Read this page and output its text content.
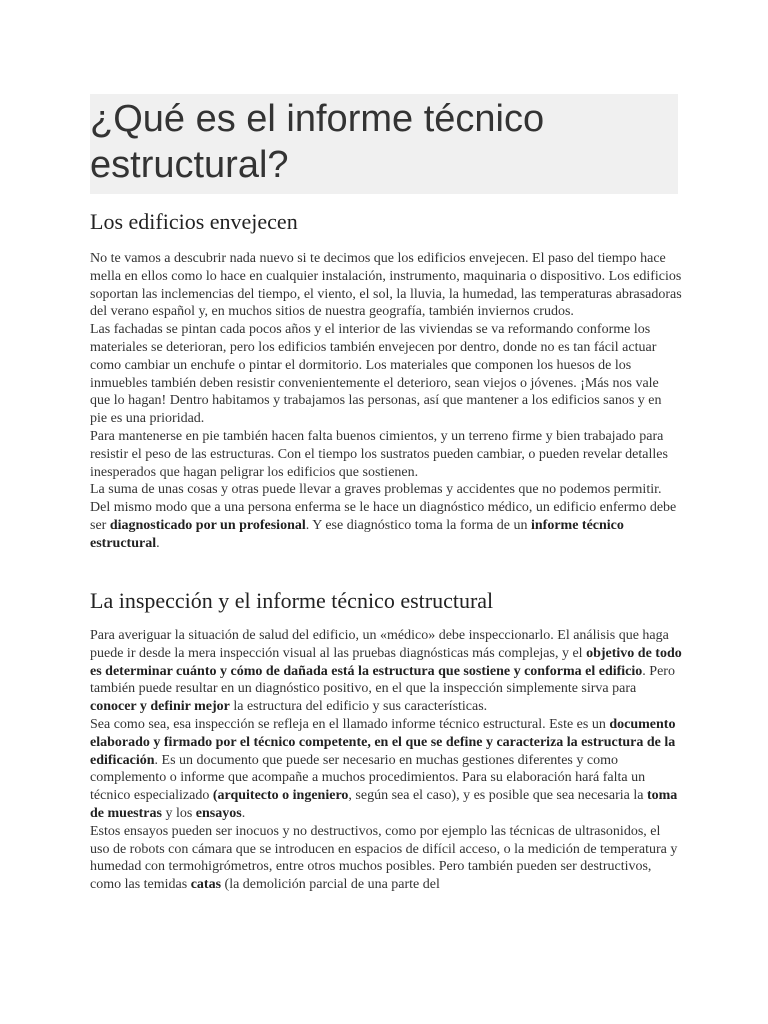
¿Qué es el informe técnico estructural?
Los edificios envejecen

No te vamos a descubrir nada nuevo si te decimos que los edificios envejecen. El paso del tiempo hace mella en ellos como lo hace en cualquier instalación, instrumento, maquinaria o dispositivo. Los edificios soportan las inclemencias del tiempo, el viento, el sol, la lluvia, la humedad, las temperaturas abrasadoras del verano español y, en muchos sitios de nuestra geografía, también inviernos crudos.

Las fachadas se pintan cada pocos años y el interior de las viviendas se va reformando conforme los materiales se deterioran, pero los edificios también envejecen por dentro, donde no es tan fácil actuar como cambiar un enchufe o pintar el dormitorio. Los materiales que componen los huesos de los inmuebles también deben resistir convenientemente el deterioro, sean viejos o jóvenes. ¡Más nos vale que lo hagan! Dentro habitamos y trabajamos las personas, así que mantener a los edificios sanos y en pie es una prioridad.

Para mantenerse en pie también hacen falta buenos cimientos, y un terreno firme y bien trabajado para resistir el peso de las estructuras. Con el tiempo los sustratos pueden cambiar, o pueden revelar detalles inesperados que hagan peligrar los edificios que sostienen.

La suma de unas cosas y otras puede llevar a graves problemas y accidentes que no podemos permitir. Del mismo modo que a una persona enferma se le hace un diagnóstico médico, un edificio enfermo debe ser diagnosticado por un profesional. Y ese diagnóstico toma la forma de un informe técnico estructural.

La inspección y el informe técnico estructural

Para averiguar la situación de salud del edificio, un «médico» debe inspeccionarlo. El análisis que haga puede ir desde la mera inspección visual al las pruebas diagnósticas más complejas, y el objetivo de todo es determinar cuánto y cómo de dañada está la estructura que sostiene y conforma el edificio. Pero también puede resultar en un diagnóstico positivo, en el que la inspección simplemente sirva para conocer y definir mejor la estructura del edificio y sus características.

Sea como sea, esa inspección se refleja en el llamado informe técnico estructural. Este es un documento elaborado y firmado por el técnico competente, en el que se define y caracteriza la estructura de la edificación. Es un documento que puede ser necesario en muchas gestiones diferentes y como complemento o informe que acompañe a muchos procedimientos. Para su elaboración hará falta un técnico especializado (arquitecto o ingeniero, según sea el caso), y es posible que sea necesaria la toma de muestras y los ensayos.

Estos ensayos pueden ser inocuos y no destructivos, como por ejemplo las técnicas de ultrasonidos, el uso de robots con cámara que se introducen en espacios de difícil acceso, o la medición de temperatura y humedad con termohigrómetros, entre otros muchos posibles. Pero también pueden ser destructivos, como las temidas catas (la demolición parcial de una parte del
